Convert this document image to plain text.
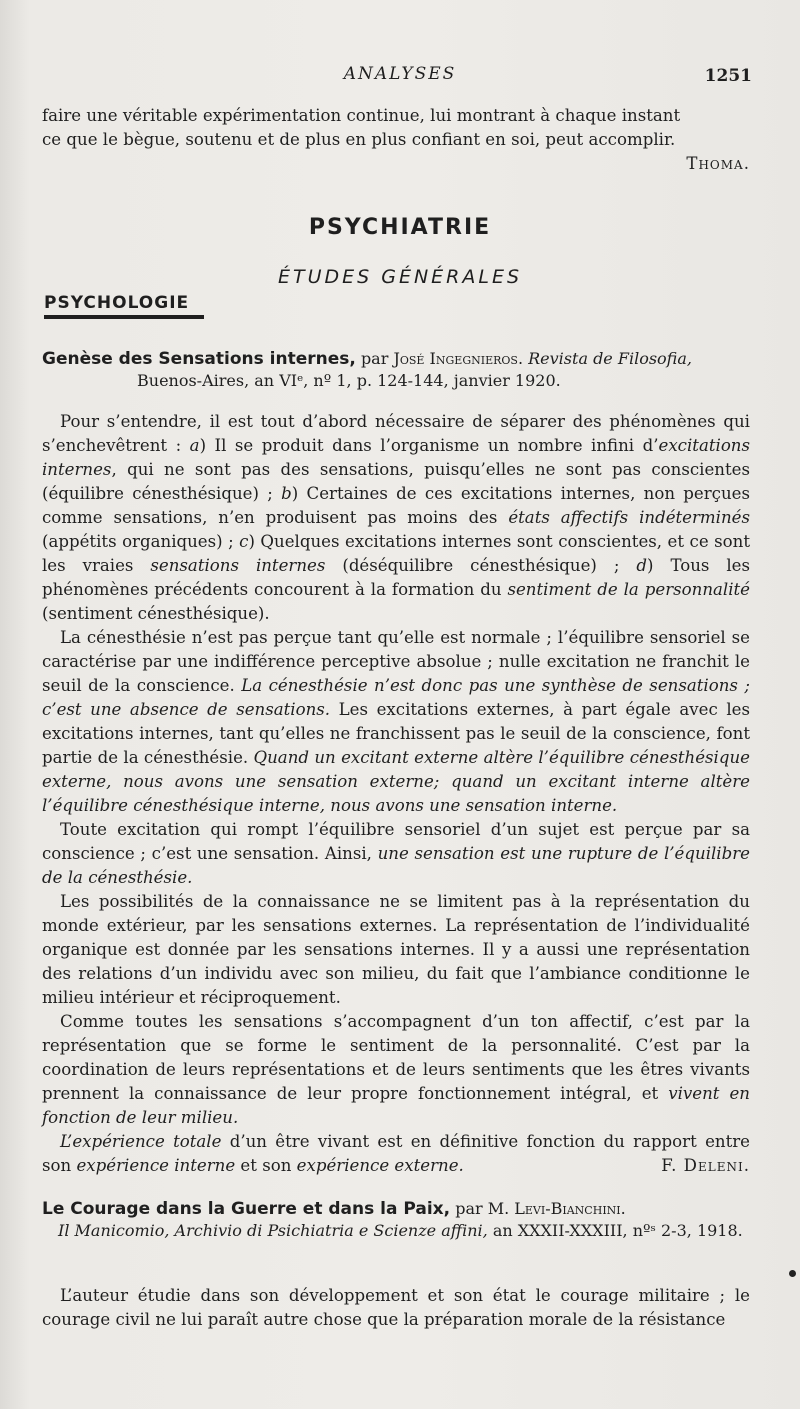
ANALYSES	1251

faire une véritable expérimentation continue, lui montrant à chaque instant

ce que le bègue, soutenu et de plus en plus confiant en soi, peut accomplir.

Thoma.

PSYCHIATRIE
ÉTUDES GÉNÉRALES
PSYCHOLOGIE
Genèse des Sensations internes, par José Ingegnieros. Revista de Filosofia,
Buenos-Aires, an VIᵉ, nº 1, p. 124-144, janvier 1920.

Pour s’entendre, il est tout d’abord nécessaire de séparer des phénomènes qui s’enchevêtrent : a) Il se produit dans l’organisme un nombre infini d’excitations internes, qui ne sont pas des sensations, puisqu’elles ne sont pas conscientes (équilibre cénesthésique) ; b) Certaines de ces excitations internes, non perçues comme sensations, n’en produisent pas moins des états affectifs indéterminés (appétits organiques) ; c) Quelques excitations internes sont conscientes, et ce sont les vraies sensations internes (déséquilibre cénesthésique) ; d) Tous les phénomènes précédents concourent à la formation du sentiment de la personnalité (sentiment cénesthésique).

La cénesthésie n’est pas perçue tant qu’elle est normale ; l’équilibre sensoriel se caractérise par une indifférence perceptive absolue ; nulle excitation ne franchit le seuil de la conscience. La cénesthésie n’est donc pas une synthèse de sensations ; c’est une absence de sensations. Les excitations externes, à part égale avec les excitations internes, tant qu’elles ne franchissent pas le seuil de la conscience, font partie de la cénesthésie. Quand un excitant externe altère l’équilibre cénesthésique externe, nous avons une sensation externe; quand un excitant interne altère l’équilibre cénesthésique interne, nous avons une sensation interne.

Toute excitation qui rompt l’équilibre sensoriel d’un sujet est perçue par sa conscience ; c’est une sensation. Ainsi, une sensation est une rupture de l’équilibre de la cénesthésie.

Les possibilités de la connaissance ne se limitent pas à la représentation du monde extérieur, par les sensations externes. La représentation de l’individualité organique est donnée par les sensations internes. Il y a aussi une représentation des relations d’un individu avec son milieu, du fait que l’ambiance conditionne le milieu intérieur et réciproquement.

Comme toutes les sensations s’accompagnent d’un ton affectif, c’est par la représentation que se forme le sentiment de la personnalité. C’est par la coordination de leurs représentations et de leurs sentiments que les êtres vivants prennent la connaissance de leur propre fonctionnement intégral, et vivent en fonction de leur milieu.

L’expérience totale d’un être vivant est en définitive fonction du rapport entre son expérience interne et son expérience externe.	F. Deleni.

Le Courage dans la Guerre et dans la Paix, par M. Levi-Bianchini.
Il Manicomio, Archivio di Psichiatria e Scienze affini, an XXXII-XXXIII, nºˢ 2-3, 1918.

L’auteur étudie dans son développement et son état le courage militaire ; le courage civil ne lui paraît autre chose que la préparation morale de la résistance
